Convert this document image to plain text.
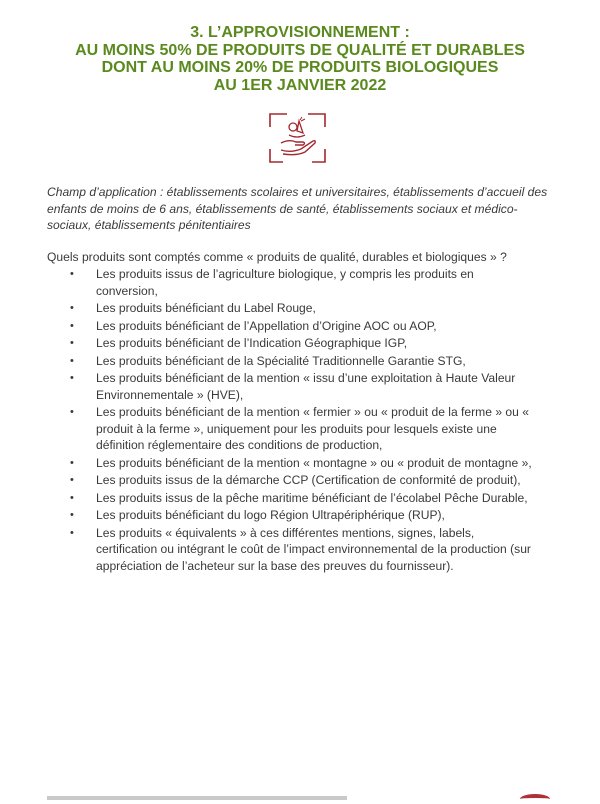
3. L’APPROVISIONNEMENT :
AU MOINS 50% DE PRODUITS DE QUALITÉ ET DURABLES
DONT AU MOINS 20% DE PRODUITS BIOLOGIQUES
AU 1ER JANVIER 2022
Champ d’application : établissements scolaires et universitaires, établissements d’accueil des enfants de moins de 6 ans, établissements de santé, établissements sociaux et médico-sociaux, établissements pénitentiaires
Quels produits sont comptés comme « produits de qualité, durables et biologiques » ?
• Les produits issus de l’agriculture biologique, y compris les produits en conversion,
• Les produits bénéficiant du Label Rouge,
• Les produits bénéficiant de l’Appellation d’Origine AOC ou AOP,
• Les produits bénéficiant de l’Indication Géographique IGP,
• Les produits bénéficiant de la Spécialité Traditionnelle Garantie STG,
• Les produits bénéficiant de la mention « issu d’une exploitation à Haute Valeur Environnementale » (HVE),
• Les produits bénéficiant de la mention « fermier » ou « produit de la ferme » ou « produit à la ferme », uniquement pour les produits pour lesquels existe une définition réglementaire des conditions de production,
• Les produits bénéficiant de la mention « montagne » ou « produit de montagne »,
• Les produits issus de la démarche CCP (Certification de conformité de produit),
• Les produits issus de la pêche maritime bénéficiant de l’écolabel Pêche Durable,
• Les produits bénéficiant du logo Région Ultrapériphérique (RUP),
• Les produits « équivalents » à ces différentes mentions, signes, labels, certification ou intégrant le coût de l’impact environnemental de la production (sur appréciation de l’acheteur sur la base des preuves du fournisseur).
